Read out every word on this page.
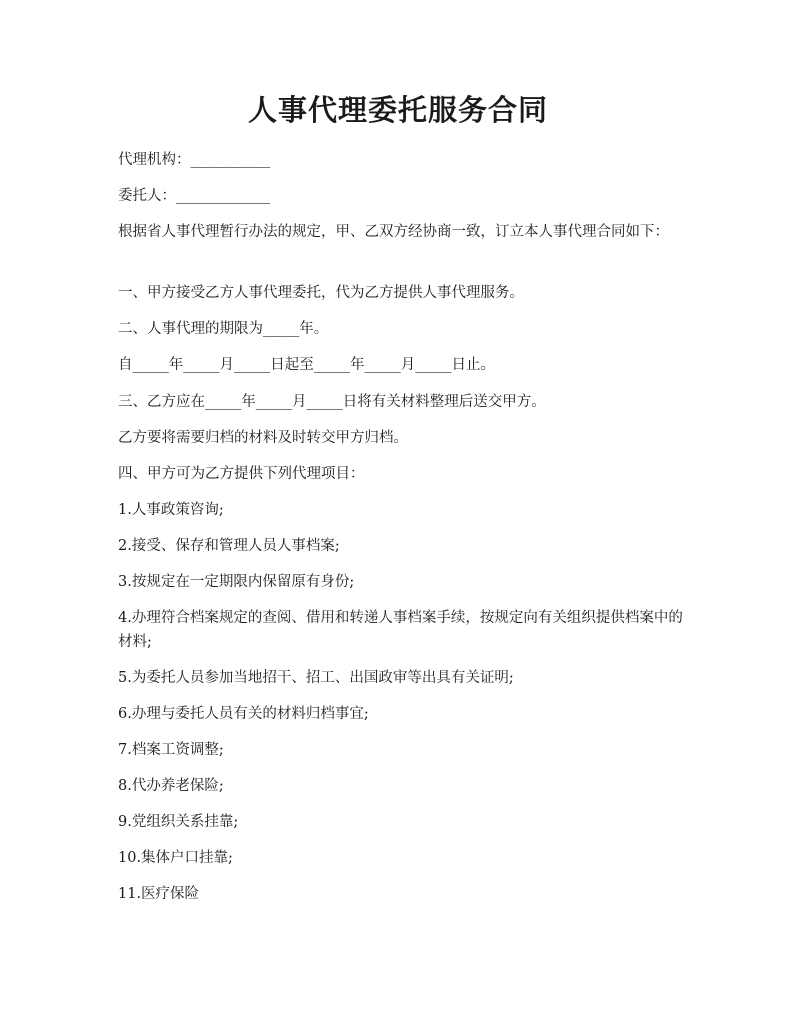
人事代理委托服务合同

代理机构：___________

委托人：_____________

根据省人事代理暂行办法的规定，甲、乙双方经协商一致，订立本人事代理合同如下：

一、甲方接受乙方人事代理委托，代为乙方提供人事代理服务。

二、人事代理的期限为_____年。

自_____年_____月_____日起至_____年_____月_____日止。

三、乙方应在_____年_____月_____日将有关材料整理后送交甲方。

乙方要将需要归档的材料及时转交甲方归档。

四、甲方可为乙方提供下列代理项目：

1.人事政策咨询;

2.接受、保存和管理人员人事档案;

3.按规定在一定期限内保留原有身份;

4.办理符合档案规定的查阅、借用和转递人事档案手续，按规定向有关组织提供档案中的材料;

5.为委托人员参加当地招干、招工、出国政审等出具有关证明;

6.办理与委托人员有关的材料归档事宜;

7.档案工资调整;

8.代办养老保险;

9.党组织关系挂靠;

10.集体户口挂靠;

11.医疗保险
